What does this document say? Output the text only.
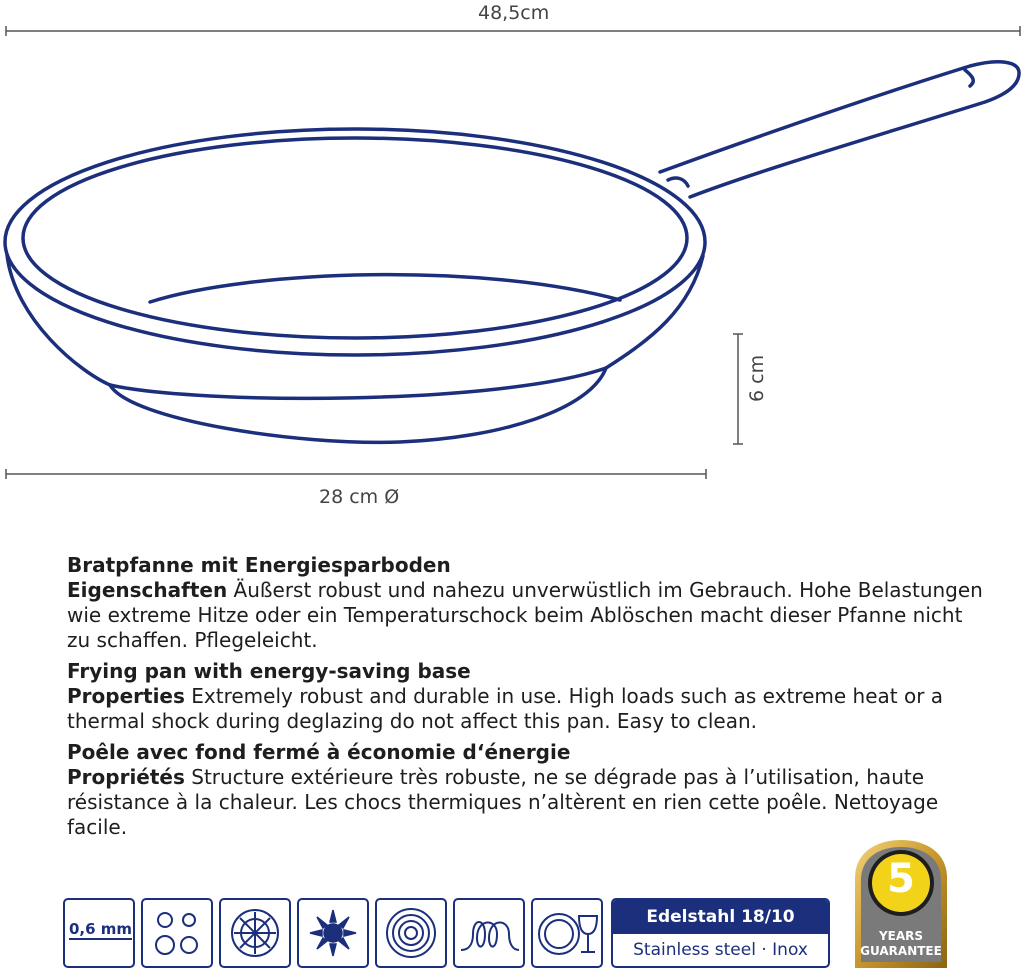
48,5cm
28 cm Ø
6 cm
Bratpfanne mit Energiesparboden
Eigenschaften Äußerst robust und nahezu unverwüstlich im Gebrauch. Hohe Belastungen wie extreme Hitze oder ein Temperaturschock beim Ablöschen macht dieser Pfanne nicht zu schaffen. Pflegeleicht.
Frying pan with energy-saving base
Properties Extremely robust and durable in use. High loads such as extreme heat or a thermal shock during deglazing do not affect this pan. Easy to clean.
Poêle avec fond fermé à économie d‘énergie
Propriétés Structure extérieure très robuste, ne se dégrade pas à l’utilisation, haute résistance à la chaleur. Les chocs thermiques n’altèrent en rien cette poêle. Nettoyage facile.
0,6 mm
Edelstahl 18/10
Stainless steel · Inox
5
YEARS
GUARANTEE
